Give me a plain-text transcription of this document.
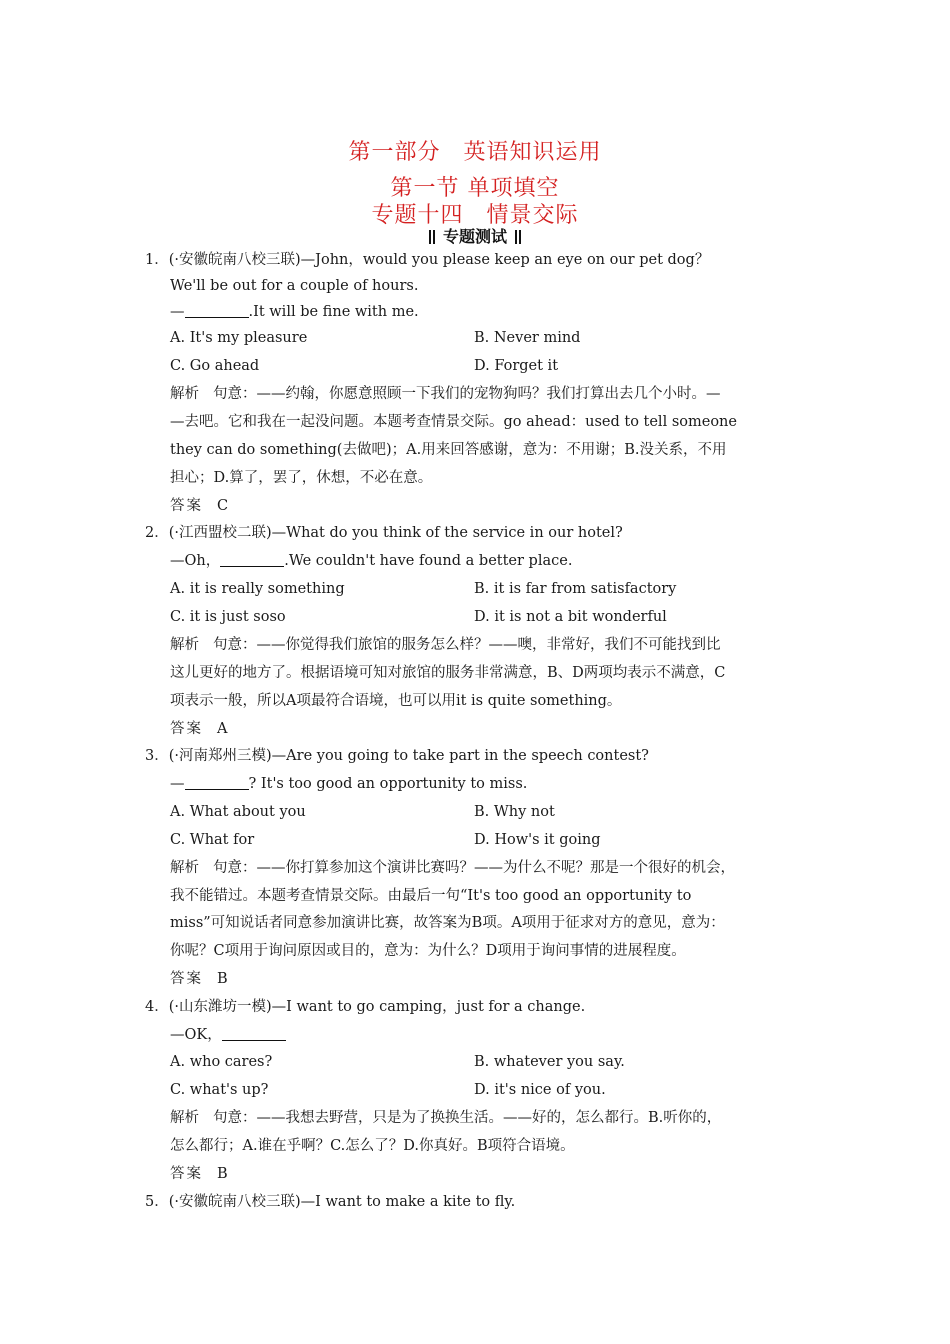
第一部分　英语知识运用
第一节 单项填空
专题十四　情景交际
专题测试
1．(·安徽皖南八校三联)—John，would you please keep an eye on our pet dog？
We'll be out for a couple of hours.
—	.It will be fine with me.
A. It's my pleasure	B. Never mind
C. Go ahead	D. Forget it
解析 句意：——约翰，你愿意照顾一下我们的宠物狗吗？我们打算出去几个小时。—
—去吧。它和我在一起没问题。本题考查情景交际。go ahead：used to tell someone
they can do something(去做吧)；A.用来回答感谢，意为：不用谢；B.没关系，不用
担心；D.算了，罢了，休想，不必在意。
答案 C
2．(·江西盟校二联)—What do you think of the service in our hotel?
—Oh，	.We couldn't have found a better place.
A. it is really something	B. it is far from satisfactory
C. it is just soso	D. it is not a bit wonderful
解析 句意：——你觉得我们旅馆的服务怎么样？——噢，非常好，我们不可能找到比
这儿更好的地方了。根据语境可知对旅馆的服务非常满意，B、D两项均表示不满意，C
项表示一般，所以A项最符合语境，也可以用it is quite something。
答案 A
3．(·河南郑州三模)—Are you going to take part in the speech contest?
—	? It's too good an opportunity to miss.
A. What about you	B. Why not
C. What for	D. How's it going
解析 句意：——你打算参加这个演讲比赛吗？——为什么不呢？那是一个很好的机会，
我不能错过。本题考查情景交际。由最后一句“It's too good an opportunity to
miss”可知说话者同意参加演讲比赛，故答案为B项。A项用于征求对方的意见，意为：
你呢？C项用于询问原因或目的，意为：为什么？D项用于询问事情的进展程度。
答案 B
4．(·山东潍坊一模)—I want to go camping，just for a change.
—OK，
A. who cares?	B. whatever you say.
C. what's up?	D. it's nice of you.
解析 句意：——我想去野营，只是为了换换生活。——好的，怎么都行。B.听你的，
怎么都行；A.谁在乎啊？C.怎么了？D.你真好。B项符合语境。
答案 B
5．(·安徽皖南八校三联)—I want to make a kite to fly.
